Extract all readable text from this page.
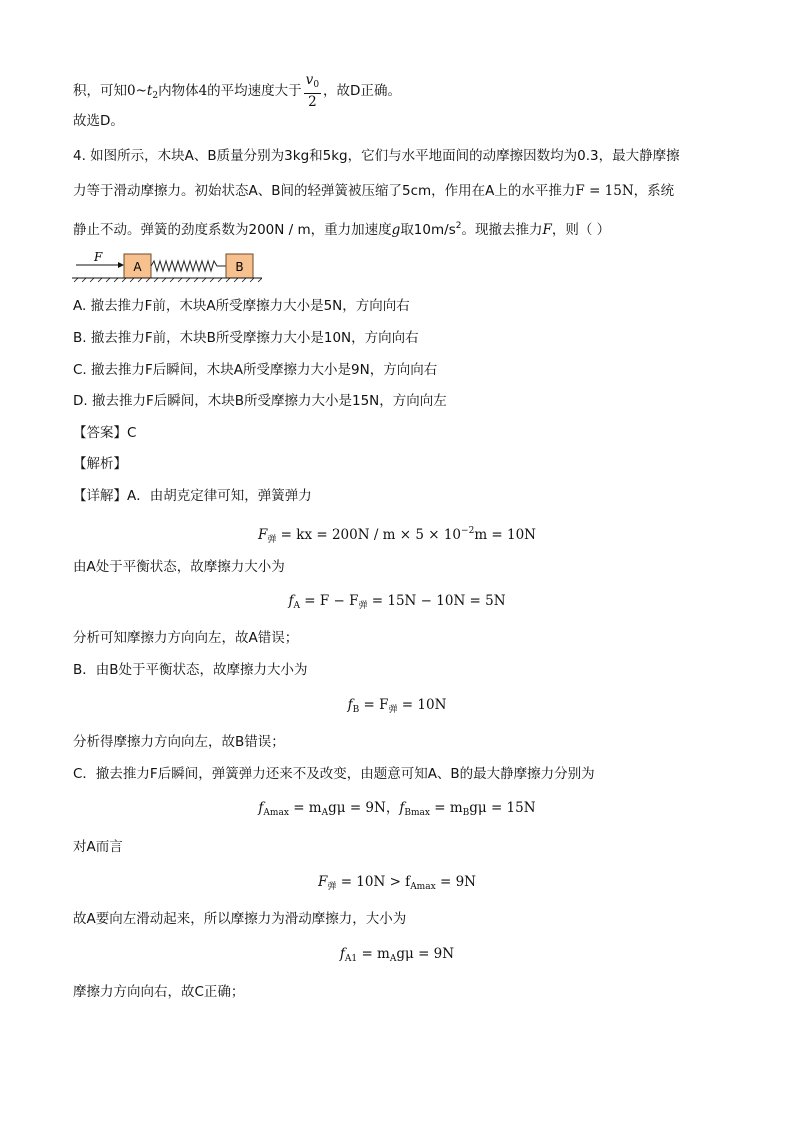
积，可知$0\sim t_2$内物体4的平均速度大于 $\frac{v_0}{2}$ ，故D正确。
故选D。
4. 如图所示，木块A、B质量分别为3kg和5kg，它们与水平地面间的动摩擦因数均为0.3，最大静摩擦
力等于滑动摩擦力。初始状态A、B间的轻弹簧被压缩了5cm，作用在A上的水平推力F = 15N，系统
静止不动。弹簧的劲度系数为200N / m，重力加速度g取$10m/s^2$。现撤去推力F，则（ ）
F
A	B
A. 撤去推力F前，木块A所受摩擦力大小是5N，方向向右
B. 撤去推力F前，木块B所受摩擦力大小是10N，方向向右
C. 撤去推力F后瞬间，木块A所受摩擦力大小是9N，方向向右
D. 撤去推力F后瞬间，木块B所受摩擦力大小是15N，方向向左
【答案】C
【解析】
【详解】A．由胡克定律可知，弹簧弹力
$F_弹$ = kx = $200N / m \times 5 \times 10^{-2}m = 10N$
由A处于平衡状态，故摩擦力大小为
$f_A = F - F_弹 = 15N - 10N = 5N$
分析可知摩擦力方向向左，故A错误；
B．由B处于平衡状态，故摩擦力大小为
$f_B = F_弹 = 10N$
分析得摩擦力方向向左，故B错误；
C．撤去推力F后瞬间，弹簧弹力还来不及改变，由题意可知A、B的最大静摩擦力分别为
$f_{Amax} = m_Ag\mu = 9N$，$f_{Bmax} = m_Bg\mu = 15N$
对A而言
$F_弹 = 10N > f_{Amax} = 9N$
故A要向左滑动起来，所以摩擦力为滑动摩擦力，大小为
$f_{A1} = m_Ag\mu = 9N$
摩擦力方向向右，故C正确；
